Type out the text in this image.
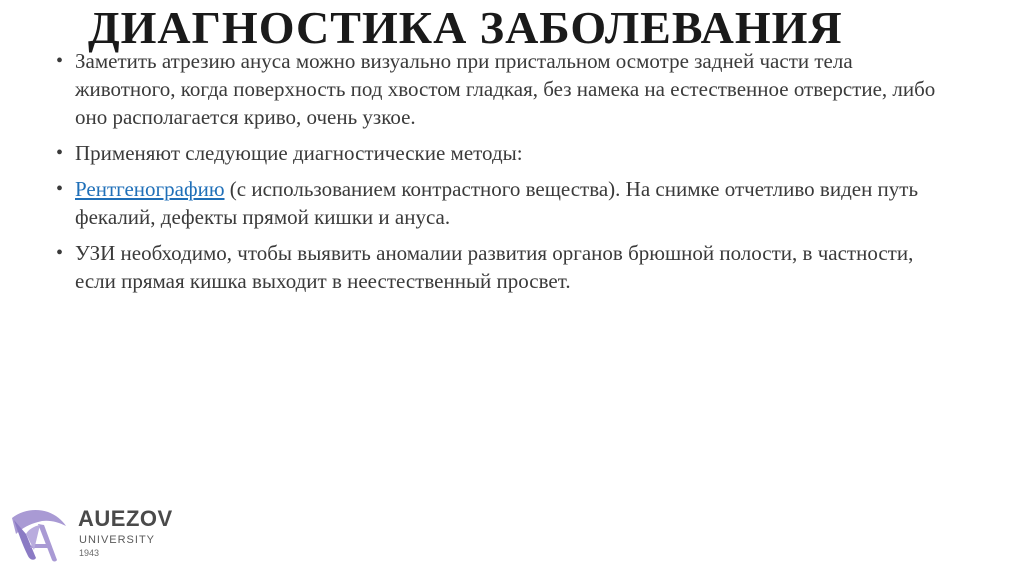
ДИАГНОСТИКА ЗАБОЛЕВАНИЯ
• Заметить атрезию ануса можно визуально при пристальном осмотре задней части тела животного, когда поверхность под хвостом гладкая, без намека на естественное отверстие, либо оно располагается криво, очень узкое.
• Применяют следующие диагностические методы:
• Рентгенографию (с использованием контрастного вещества). На снимке отчетливо виден путь фекалий, дефекты прямой кишки и ануса.
• УЗИ необходимо, чтобы выявить аномалии развития органов брюшной полости, в частности, если прямая кишка выходит в неестественный просвет.
AUEZOV
UNIVERSITY
1943
